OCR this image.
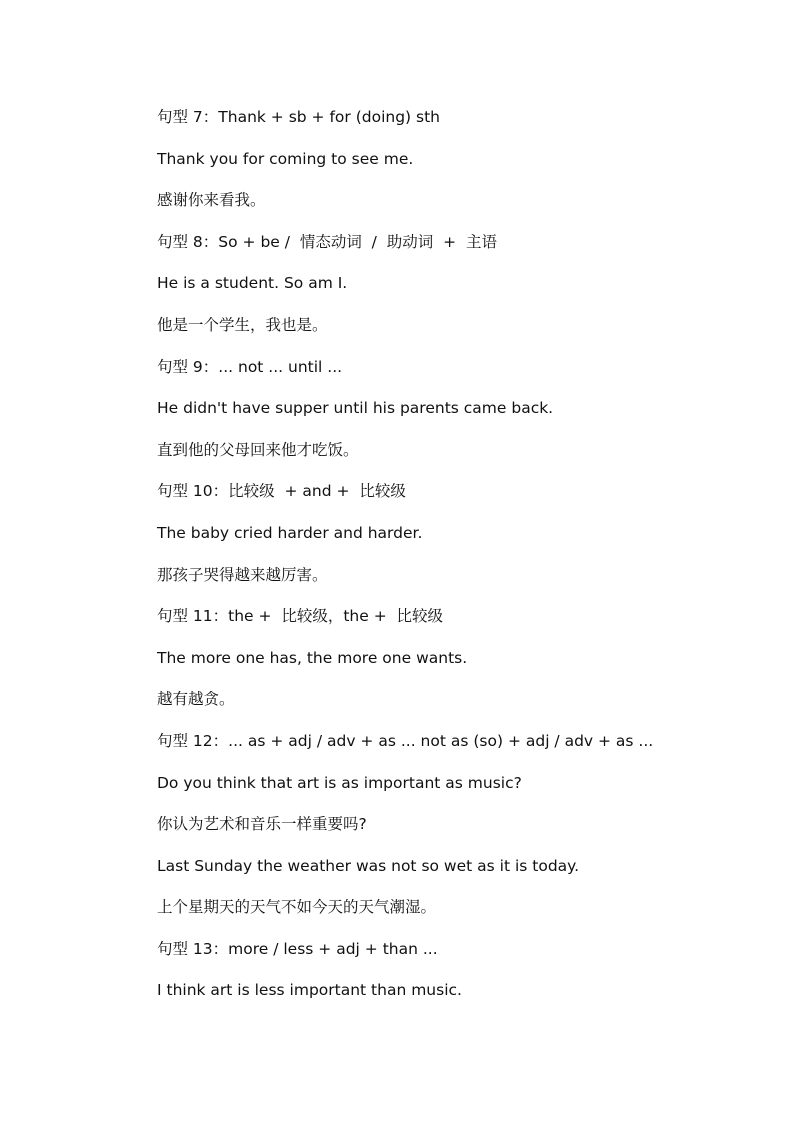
句型 7：Thank + sb + for (doing) sth
Thank you for coming to see me.
感谢你来看我。
句型 8：So + be /  情态动词  /  助动词  +  主语
He is a student. So am I.
他是一个学生，我也是。
句型 9：... not ... until ...
He didn't have supper until his parents came back.
直到他的父母回来他才吃饭。
句型 10：比较级  + and +  比较级
The baby cried harder and harder.
那孩子哭得越来越厉害。
句型 11：the +  比较级，the +  比较级
The more one has, the more one wants.
越有越贪。
句型 12：... as + adj / adv + as ... not as (so) + adj / adv + as ...
Do you think that art is as important as music?
你认为艺术和音乐一样重要吗?
Last Sunday the weather was not so wet as it is today.
上个星期天的天气不如今天的天气潮湿。
句型 13：more / less + adj + than ...
I think art is less important than music.
